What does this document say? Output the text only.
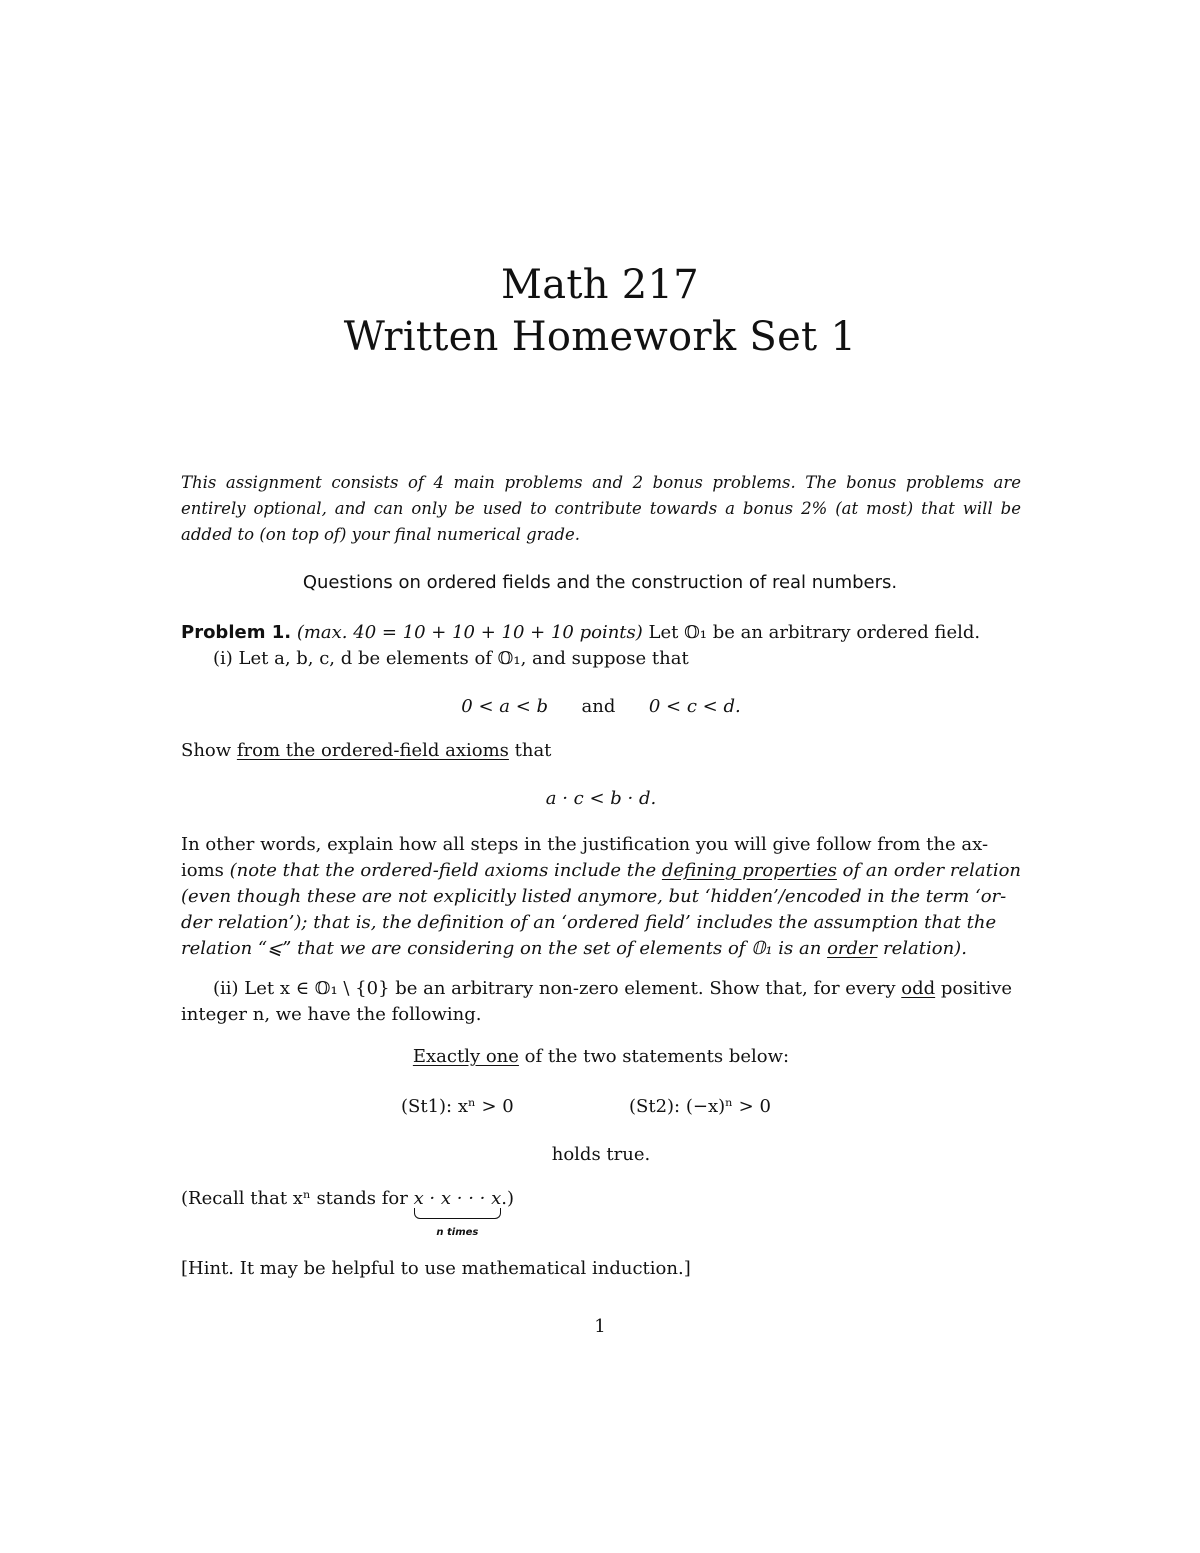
Math 217
Written Homework Set 1
This assignment consists of 4 main problems and 2 bonus problems. The bonus problems are entirely optional, and can only be used to contribute towards a bonus 2% (at most) that will be added to (on top of) your final numerical grade.
Questions on ordered fields and the construction of real numbers.
Problem 1. (max. 40 = 10 + 10 + 10 + 10 points) Let 𝕆₁ be an arbitrary ordered field.
(i) Let a, b, c, d be elements of 𝕆₁, and suppose that
0 < a < b and 0 < c < d.
Show from the ordered-field axioms that
a · c < b · d.
In other words, explain how all steps in the justification you will give follow from the ax-
ioms (note that the ordered-field axioms include the defining properties of an order relation
(even though these are not explicitly listed anymore, but ‘hidden’/encoded in the term ‘or-
der relation’); that is, the definition of an ‘ordered field’ includes the assumption that the
relation “⩽” that we are considering on the set of elements of 𝕆₁ is an order relation).
(ii) Let x ∈ 𝕆₁ \ {0} be an arbitrary non-zero element. Show that, for every odd positive
integer n, we have the following.
Exactly one of the two statements below:
(St1): xⁿ > 0	(St2): (−x)ⁿ > 0
holds true.
(Recall that xⁿ stands for x · x · · · x
n times
.)
[Hint. It may be helpful to use mathematical induction.]
1
